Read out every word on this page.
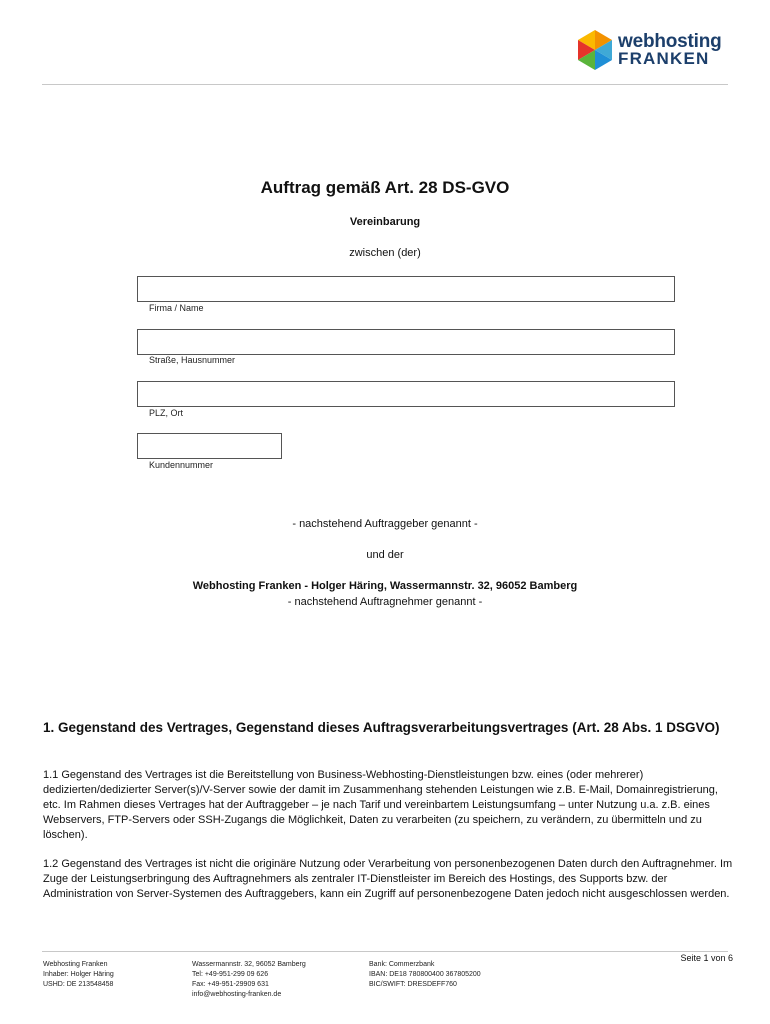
webhosting
FRANKEN
Auftrag gemäß Art. 28 DS-GVO
Vereinbarung
zwischen (der)
Firma / Name
Straße, Hausnummer
PLZ, Ort
Kundennummer
- nachstehend Auftraggeber genannt -
und der
Webhosting Franken - Holger Häring, Wassermannstr. 32, 96052 Bamberg
- nachstehend Auftragnehmer genannt -
1. Gegenstand des Vertrages, Gegenstand dieses Auftragsverarbeitungsvertrages (Art. 28 Abs. 1 DSGVO)
1.1 Gegenstand des Vertrages ist die Bereitstellung von Business-Webhosting-Dienstleistungen bzw. eines (oder mehrerer) dedizierten/dedizierter Server(s)/V-Server sowie der damit im Zusammenhang stehenden Leistungen wie z.B. E-Mail, Domainregistrierung, etc. Im Rahmen dieses Vertrages hat der Auftraggeber – je nach Tarif und vereinbartem Leistungsumfang – unter Nutzung u.a. z.B. eines Webservers, FTP-Servers oder SSH-Zugangs die Möglichkeit, Daten zu verarbeiten (zu speichern, zu verändern, zu übermitteln und zu löschen).
1.2 Gegenstand des Vertrages ist nicht die originäre Nutzung oder Verarbeitung von personenbezogenen Daten durch den Auftragnehmer. Im Zuge der Leistungserbringung des Auftragnehmers als zentraler IT-Dienstleister im Bereich des Hostings, des Supports bzw. der Administration von Server-Systemen des Auftraggebers, kann ein Zugriff auf personenbezogene Daten jedoch nicht ausgeschlossen werden.
Seite 1 von 6
Webhosting Franken
Inhaber: Holger Häring
USHD: DE 213548458
Wassermannstr. 32, 96052 Bamberg
Tel: +49-951-299 09 626
Fax: +49-951-29909 631
info@webhosting-franken.de
Bank: Commerzbank
IBAN: DE18 780800400 367805200
BIC/SWIFT: DRESDEFF760
